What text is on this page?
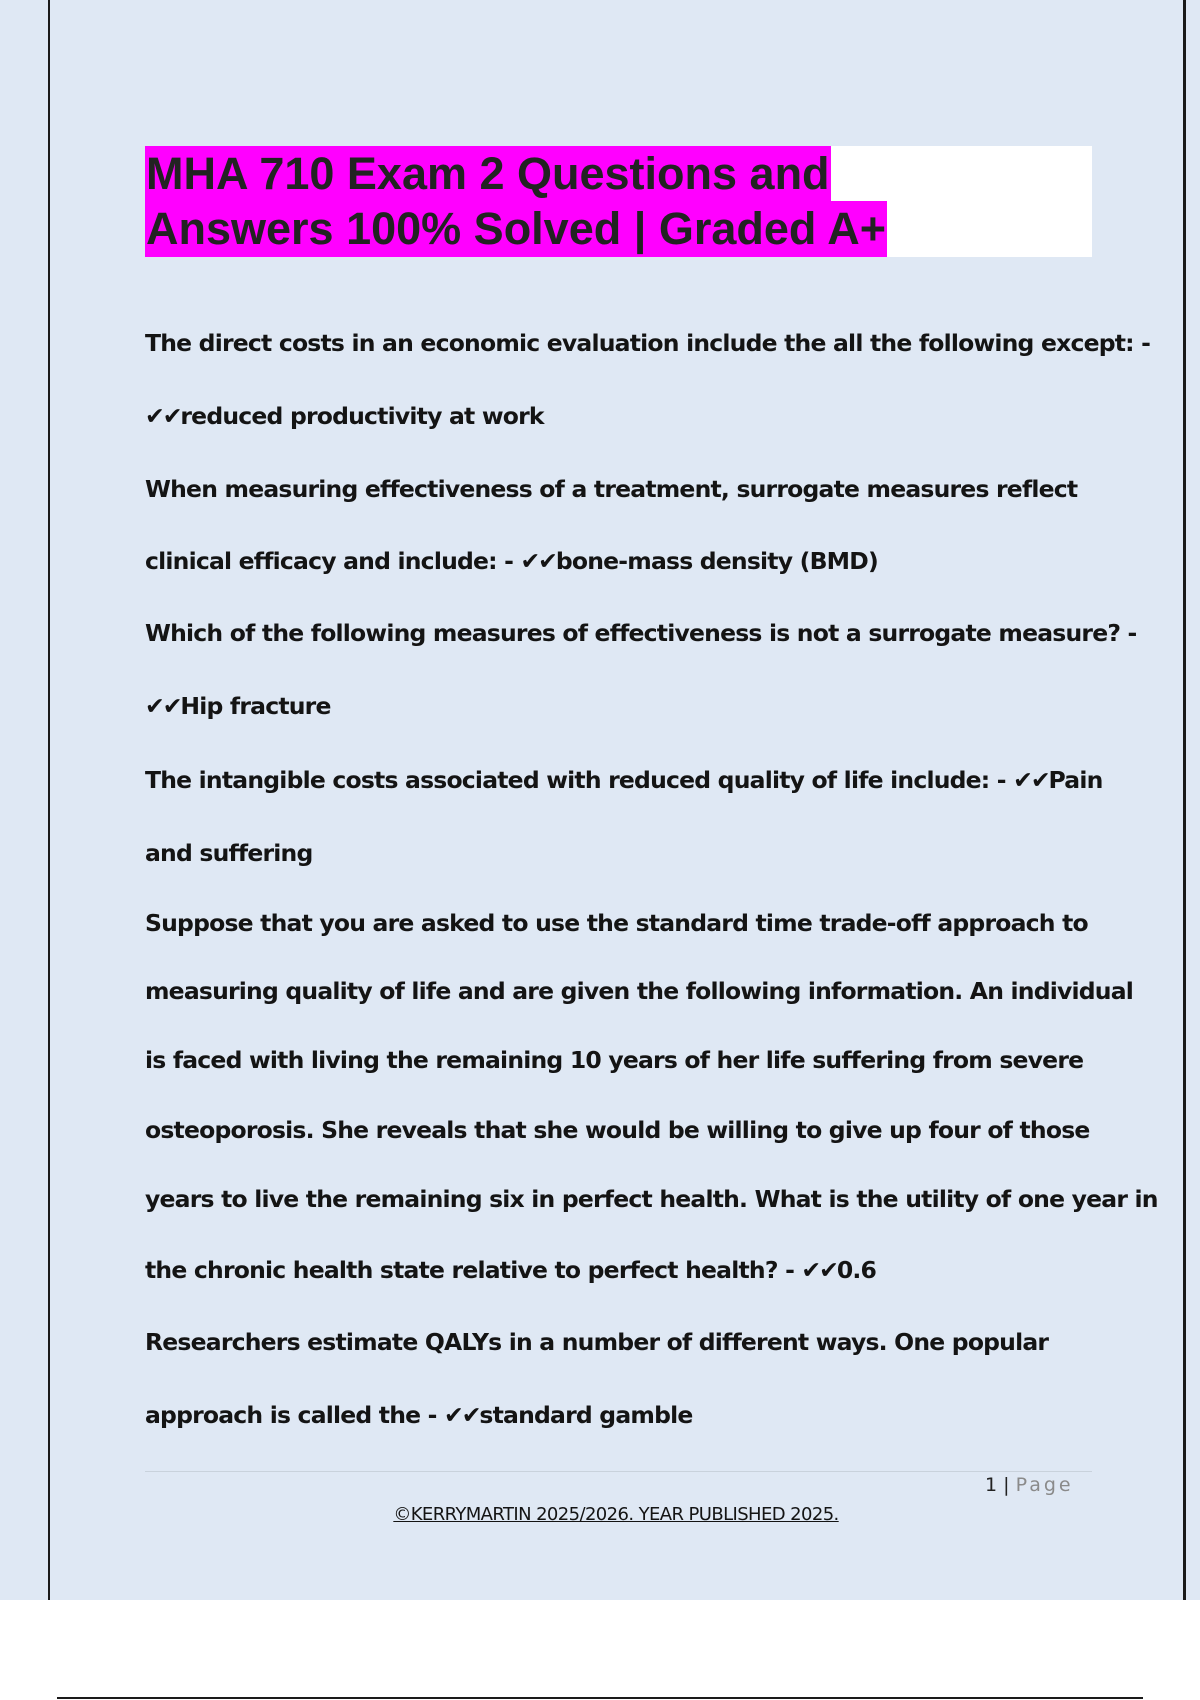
MHA 710 Exam 2 Questions and
Answers 100% Solved | Graded A+
The direct costs in an economic evaluation include the all the following except: -
✔✔reduced productivity at work
When measuring effectiveness of a treatment, surrogate measures reflect
clinical efficacy and include: - ✔✔bone-mass density (BMD)
Which of the following measures of effectiveness is not a surrogate measure? -
✔✔Hip fracture
The intangible costs associated with reduced quality of life include: - ✔✔Pain
and suffering
Suppose that you are asked to use the standard time trade-off approach to
measuring quality of life and are given the following information. An individual
is faced with living the remaining 10 years of her life suffering from severe
osteoporosis. She reveals that she would be willing to give up four of those
years to live the remaining six in perfect health. What is the utility of one year in
the chronic health state relative to perfect health? - ✔✔0.6
Researchers estimate QALYs in a number of different ways. One popular
approach is called the - ✔✔standard gamble
1 | Page
©KERRYMARTIN 2025/2026. YEAR PUBLISHED 2025.
